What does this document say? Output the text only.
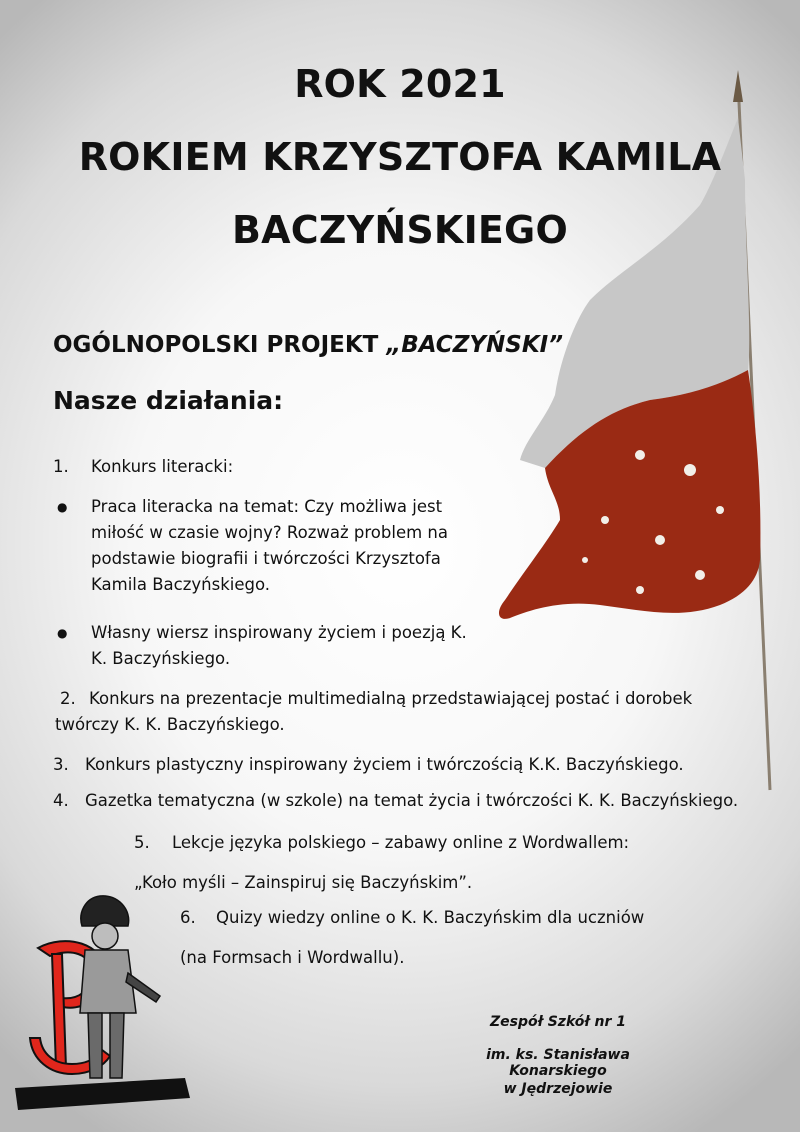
ROK 2021
ROKIEM KRZYSZTOFA KAMILA
BACZYŃSKIEGO
OGÓLNOPOLSKI PROJEKT „BACZYŃSKI”
Nasze działania:
1. Konkurs literacki:
● Praca literacka na temat: Czy możliwa jest miłość w czasie wojny? Rozważ problem na podstawie biografii i twórczości Krzysztofa Kamila Baczyńskiego.
● Własny wiersz inspirowany życiem i poezją K. K. Baczyńskiego.
2. Konkurs na prezentacje multimedialną przedstawiającej postać i dorobek twórczy K. K. Baczyńskiego.
3. Konkurs plastyczny inspirowany życiem i twórczością K.K. Baczyńskiego.
4. Gazetka tematyczna (w szkole) na temat życia i twórczości K. K. Baczyńskiego.
5. Lekcje języka polskiego – zabawy online z Wordwallem:
„Koło myśli – Zainspiruj się Baczyńskim”.
6. Quizy wiedzy online o K. K. Baczyńskim dla uczniów
(na Formsach i Wordwallu).
Zespół Szkół nr 1
im. ks. Stanisława Konarskiego
w Jędrzejowie
